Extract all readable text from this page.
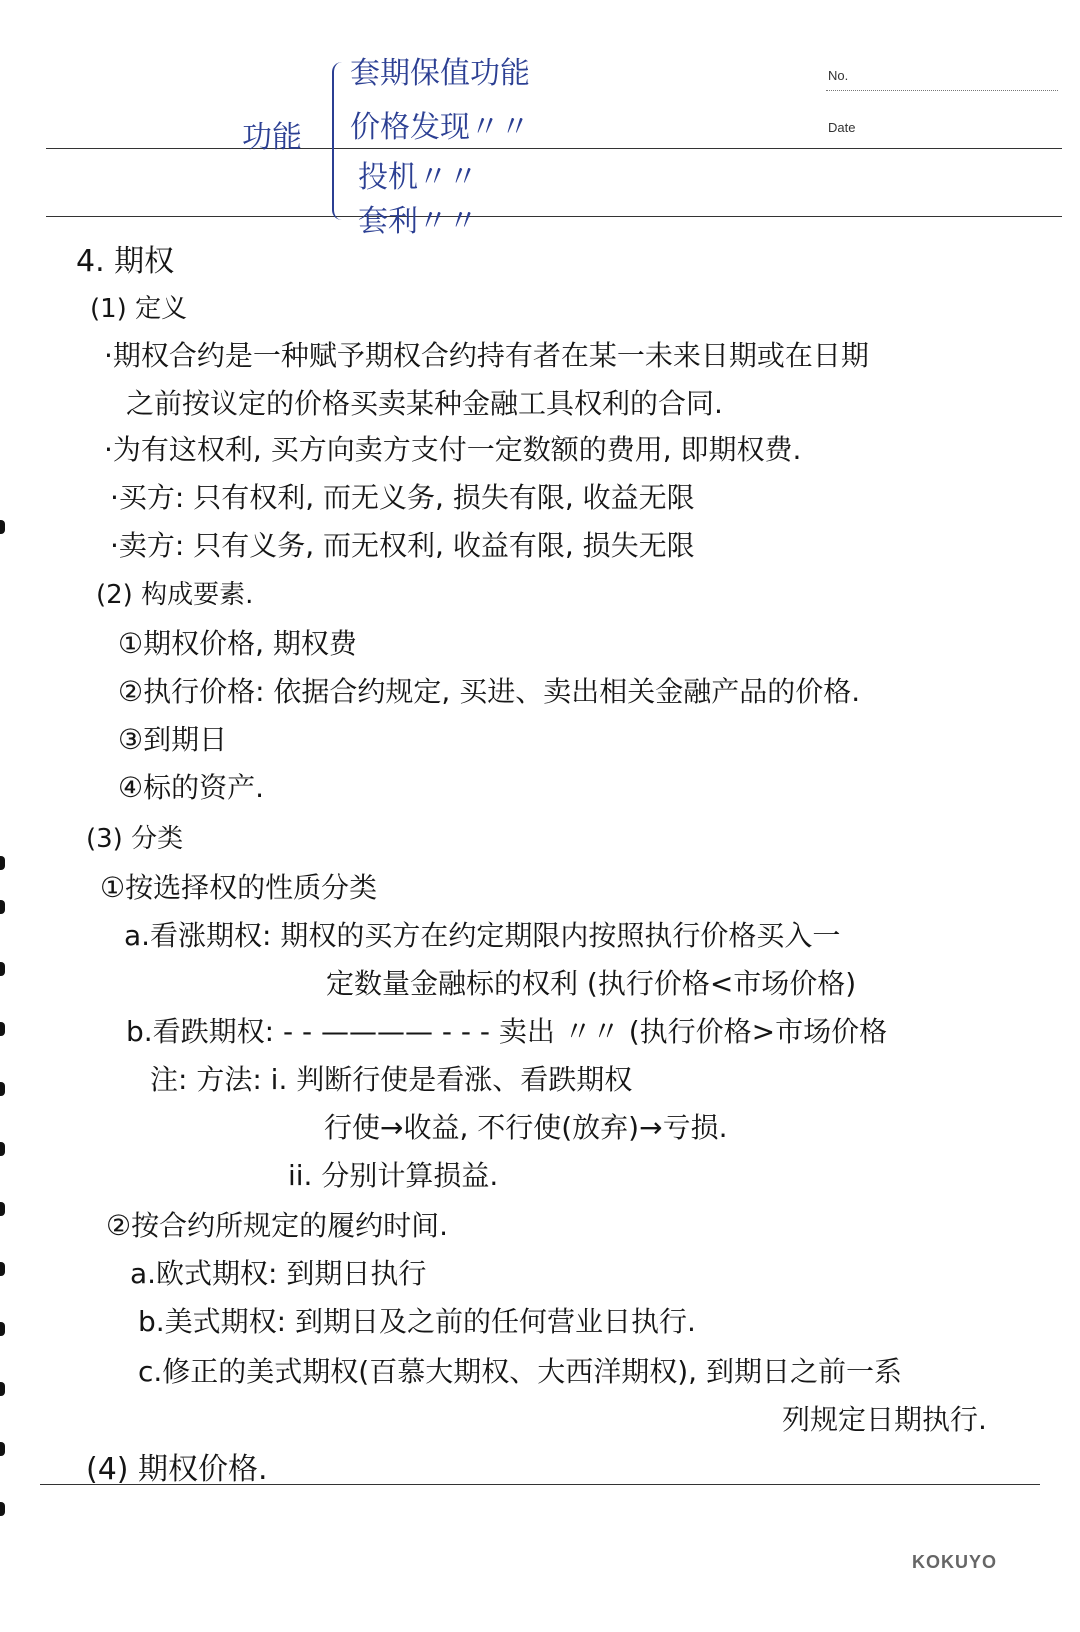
No.
Date
功能
套期保值功能
价格发现〃〃
投机〃〃
套利〃〃
4. 期权
(1) 定义
·期权合约是一种赋予期权合约持有者在某一未来日期或在日期
之前按议定的价格买卖某种金融工具权利的合同.
·为有这权利, 买方向卖方支付一定数额的费用, 即期权费.
·买方: 只有权利, 而无义务, 损失有限, 收益无限
·卖方: 只有义务, 而无权利, 收益有限, 损失无限
(2) 构成要素.
①期权价格, 期权费
②执行价格: 依据合约规定, 买进、卖出相关金融产品的价格.
③到期日
④标的资产.
(3) 分类
①按选择权的性质分类
a.看涨期权: 期权的买方在约定期限内按照执行价格买入一
定数量金融标的权利 (执行价格<市场价格)
b.看跌期权: - - ———— - - - 卖出 〃〃 (执行价格>市场价格
注: 方法: i. 判断行使是看涨、看跌期权
行使→收益, 不行使(放弃)→亏损.
ii. 分别计算损益.
②按合约所规定的履约时间.
a.欧式期权: 到期日执行
b.美式期权: 到期日及之前的任何营业日执行.
c.修正的美式期权(百慕大期权、大西洋期权), 到期日之前一系
列规定日期执行.
(4) 期权价格.
KOKUYO
